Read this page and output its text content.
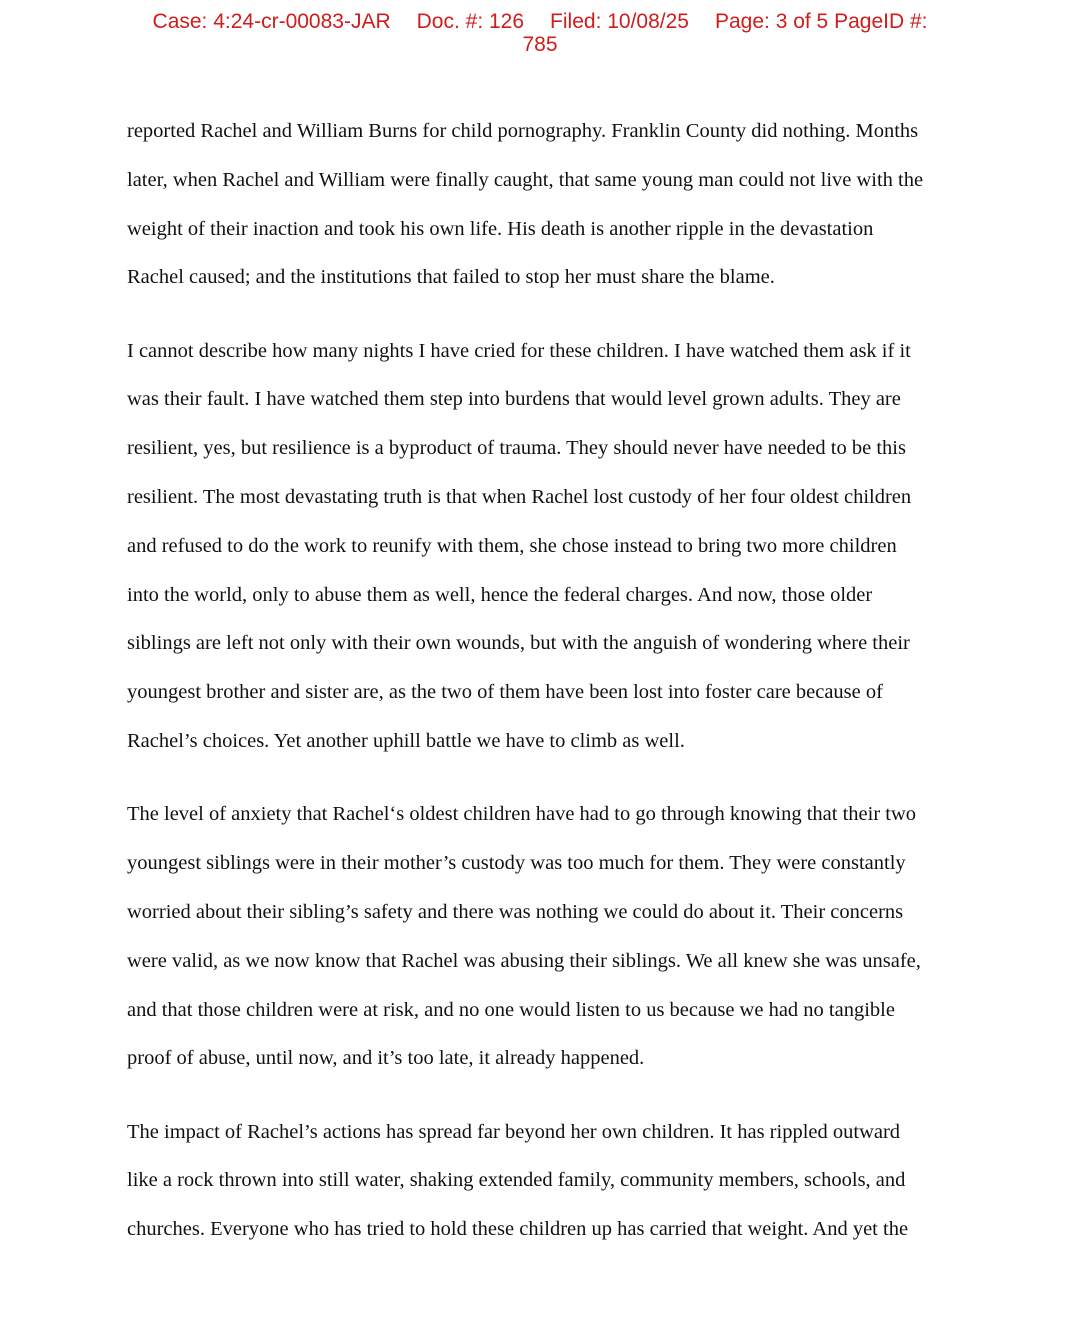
Case: 4:24-cr-00083-JAR Doc. #: 126 Filed: 10/08/25 Page: 3 of 5 PageID #:
785
reported Rachel and William Burns for child pornography. Franklin County did nothing. Months
later, when Rachel and William were finally caught, that same young man could not live with the
weight of their inaction and took his own life. His death is another ripple in the devastation
Rachel caused; and the institutions that failed to stop her must share the blame.
I cannot describe how many nights I have cried for these children. I have watched them ask if it
was their fault. I have watched them step into burdens that would level grown adults. They are
resilient, yes, but resilience is a byproduct of trauma. They should never have needed to be this
resilient. The most devastating truth is that when Rachel lost custody of her four oldest children
and refused to do the work to reunify with them, she chose instead to bring two more children
into the world, only to abuse them as well, hence the federal charges. And now, those older
siblings are left not only with their own wounds, but with the anguish of wondering where their
youngest brother and sister are, as the two of them have been lost into foster care because of
Rachel’s choices. Yet another uphill battle we have to climb as well.
The level of anxiety that Rachel‘s oldest children have had to go through knowing that their two
youngest siblings were in their mother’s custody was too much for them. They were constantly
worried about their sibling’s safety and there was nothing we could do about it. Their concerns
were valid, as we now know that Rachel was abusing their siblings. We all knew she was unsafe,
and that those children were at risk, and no one would listen to us because we had no tangible
proof of abuse, until now, and it’s too late, it already happened.
The impact of Rachel’s actions has spread far beyond her own children. It has rippled outward
like a rock thrown into still water, shaking extended family, community members, schools, and
churches. Everyone who has tried to hold these children up has carried that weight. And yet the
